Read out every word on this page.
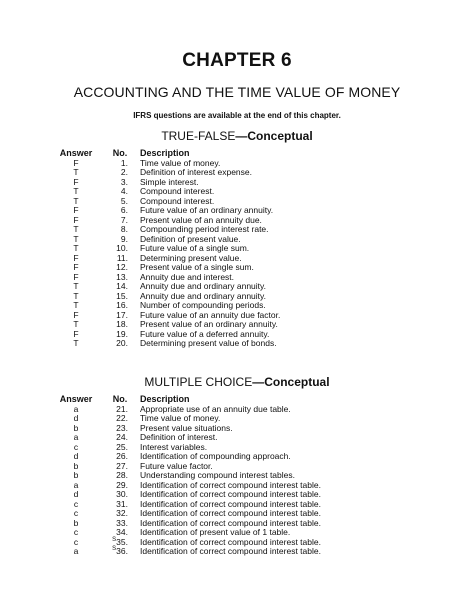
CHAPTER 6
ACCOUNTING AND THE TIME VALUE OF MONEY
IFRS questions are available at the end of this chapter.
TRUE-FALSE—Conceptual
Answer	No.	Description
F	1. Time value of money.
T	2. Definition of interest expense.
F	3. Simple interest.
T	4. Compound interest.
T	5. Compound interest.
F	6. Future value of an ordinary annuity.
F	7. Present value of an annuity due.
T	8. Compounding period interest rate.
T	9. Definition of present value.
T	10. Future value of a single sum.
F	11. Determining present value.
F	12. Present value of a single sum.
F	13. Annuity due and interest.
T	14. Annuity due and ordinary annuity.
T	15. Annuity due and ordinary annuity.
T	16. Number of compounding periods.
F	17. Future value of an annuity due factor.
T	18. Present value of an ordinary annuity.
F	19. Future value of a deferred annuity.
T	20. Determining present value of bonds.
MULTIPLE CHOICE—Conceptual
Answer	No.	Description
a	21. Appropriate use of an annuity due table.
d	22. Time value of money.
b	23. Present value situations.
a	24. Definition of interest.
c	25. Interest variables.
d	26. Identification of compounding approach.
b	27. Future value factor.
b	28. Understanding compound interest tables.
a	29. Identification of correct compound interest table.
d	30. Identification of correct compound interest table.
c	31. Identification of correct compound interest table.
c	32. Identification of correct compound interest table.
b	33. Identification of correct compound interest table.
c	34. Identification of present value of 1 table.
c	$^S$35. Identification of correct compound interest table.
a	$^S$36. Identification of correct compound interest table.
